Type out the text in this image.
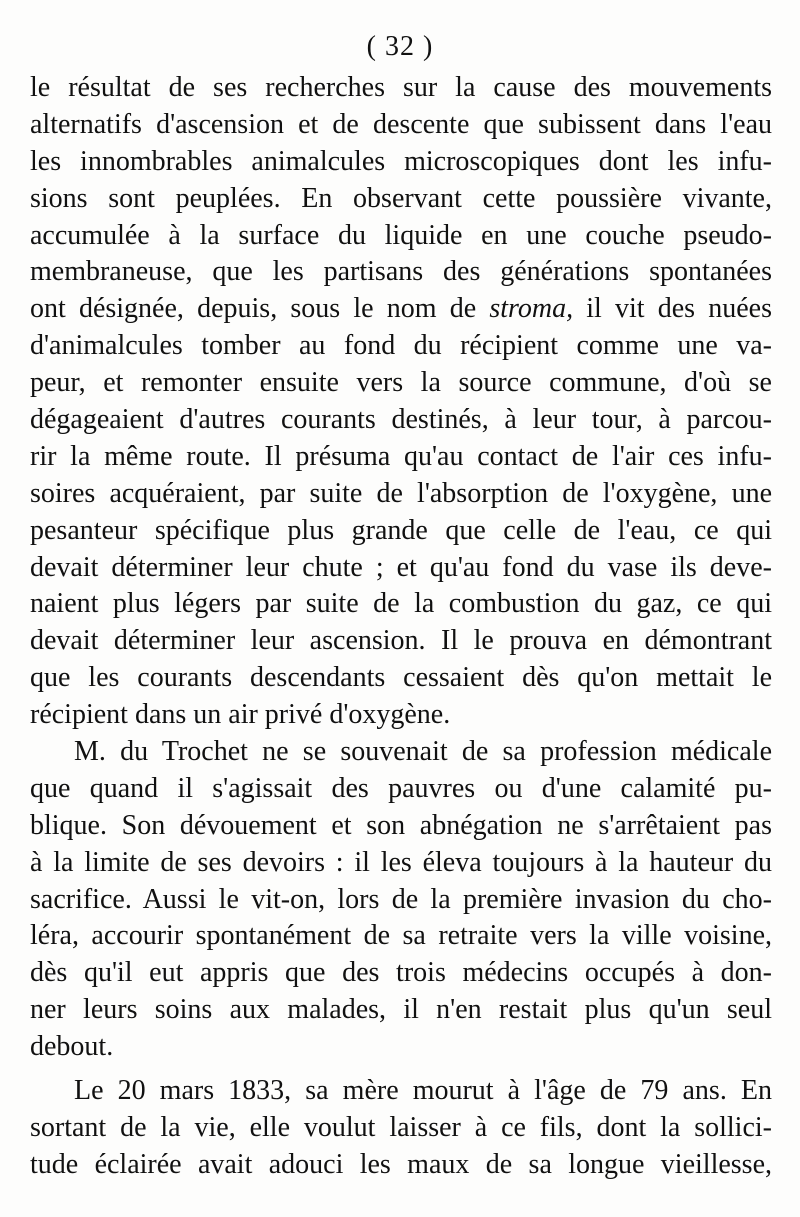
( 32 )
le résultat de ses recherches sur la cause des mouvements
alternatifs d'ascension et de descente que subissent dans l'eau
les innombrables animalcules microscopiques dont les infu-
sions sont peuplées. En observant cette poussière vivante,
accumulée à la surface du liquide en une couche pseudo-
membraneuse, que les partisans des générations spontanées
ont désignée, depuis, sous le nom de stroma, il vit des nuées
d'animalcules tomber au fond du récipient comme une va-
peur, et remonter ensuite vers la source commune, d'où se
dégageaient d'autres courants destinés, à leur tour, à parcou-
rir la même route. Il présuma qu'au contact de l'air ces infu-
soires acquéraient, par suite de l'absorption de l'oxygène, une
pesanteur spécifique plus grande que celle de l'eau, ce qui
devait déterminer leur chute ; et qu'au fond du vase ils deve-
naient plus légers par suite de la combustion du gaz, ce qui
devait déterminer leur ascension. Il le prouva en démontrant
que les courants descendants cessaient dès qu'on mettait le
récipient dans un air privé d'oxygène.
M. du Trochet ne se souvenait de sa profession médicale
que quand il s'agissait des pauvres ou d'une calamité pu-
blique. Son dévouement et son abnégation ne s'arrêtaient pas
à la limite de ses devoirs : il les éleva toujours à la hauteur du
sacrifice. Aussi le vit-on, lors de la première invasion du cho-
léra, accourir spontanément de sa retraite vers la ville voisine,
dès qu'il eut appris que des trois médecins occupés à don-
ner leurs soins aux malades, il n'en restait plus qu'un seul
debout.
Le 20 mars 1833, sa mère mourut à l'âge de 79 ans. En
sortant de la vie, elle voulut laisser à ce fils, dont la sollici-
tude éclairée avait adouci les maux de sa longue vieillesse,
